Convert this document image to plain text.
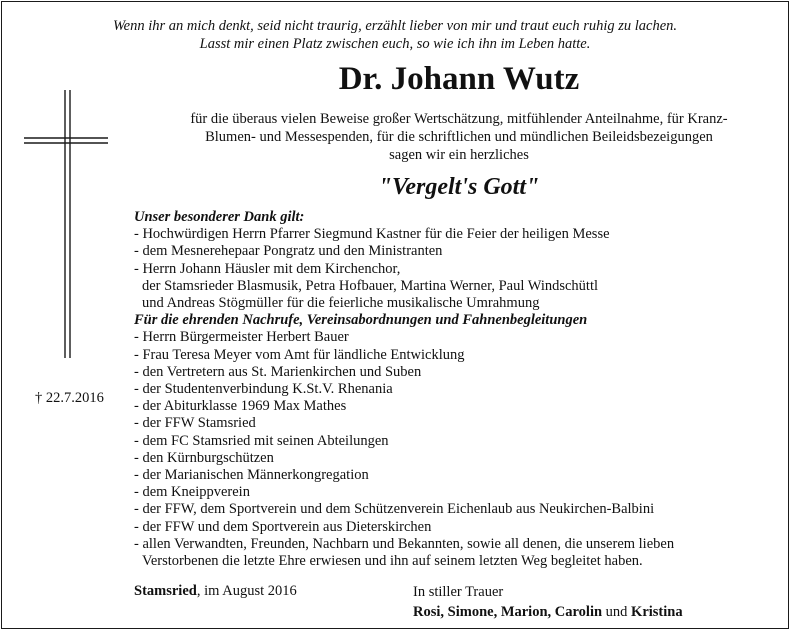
Wenn ihr an mich denkt, seid nicht traurig, erzählt lieber von mir und traut euch ruhig zu lachen.
Lasst mir einen Platz zwischen euch, so wie ich ihn im Leben hatte.
Dr. Johann Wutz
für die überaus vielen Beweise großer Wertschätzung, mitfühlender Anteilnahme, für Kranz-
Blumen- und Messespenden, für die schriftlichen und mündlichen Beileidsbezeigungen
sagen wir ein herzliches
"Vergelt's Gott"
Unser besonderer Dank gilt:
- Hochwürdigen Herrn Pfarrer Siegmund Kastner für die Feier der heiligen Messe
- dem Mesnerehepaar Pongratz und den Ministranten
- Herrn Johann Häusler mit dem Kirchenchor,
der Stamsrieder Blasmusik, Petra Hofbauer, Martina Werner, Paul Windschüttl
und Andreas Stögmüller für die feierliche musikalische Umrahmung
Für die ehrenden Nachrufe, Vereinsabordnungen und Fahnenbegleitungen
- Herrn Bürgermeister Herbert Bauer
- Frau Teresa Meyer vom Amt für ländliche Entwicklung
- den Vertretern aus St. Marienkirchen und Suben
- der Studentenverbindung K.St.V. Rhenania
- der Abiturklasse 1969 Max Mathes
- der FFW Stamsried
- dem FC Stamsried mit seinen Abteilungen
- den Kürnburgschützen
- der Marianischen Männerkongregation
- dem Kneippverein
- der FFW, dem Sportverein und dem Schützenverein Eichenlaub aus Neukirchen-Balbini
- der FFW und dem Sportverein aus Dieterskirchen
- allen Verwandten, Freunden, Nachbarn und Bekannten, sowie all denen, die unserem lieben
Verstorbenen die letzte Ehre erwiesen und ihn auf seinem letzten Weg begleitet haben.
† 22.7.2016
Stamsried, im August 2016	In stiller Trauer
Rosi, Simone, Marion, Carolin und Kristina
